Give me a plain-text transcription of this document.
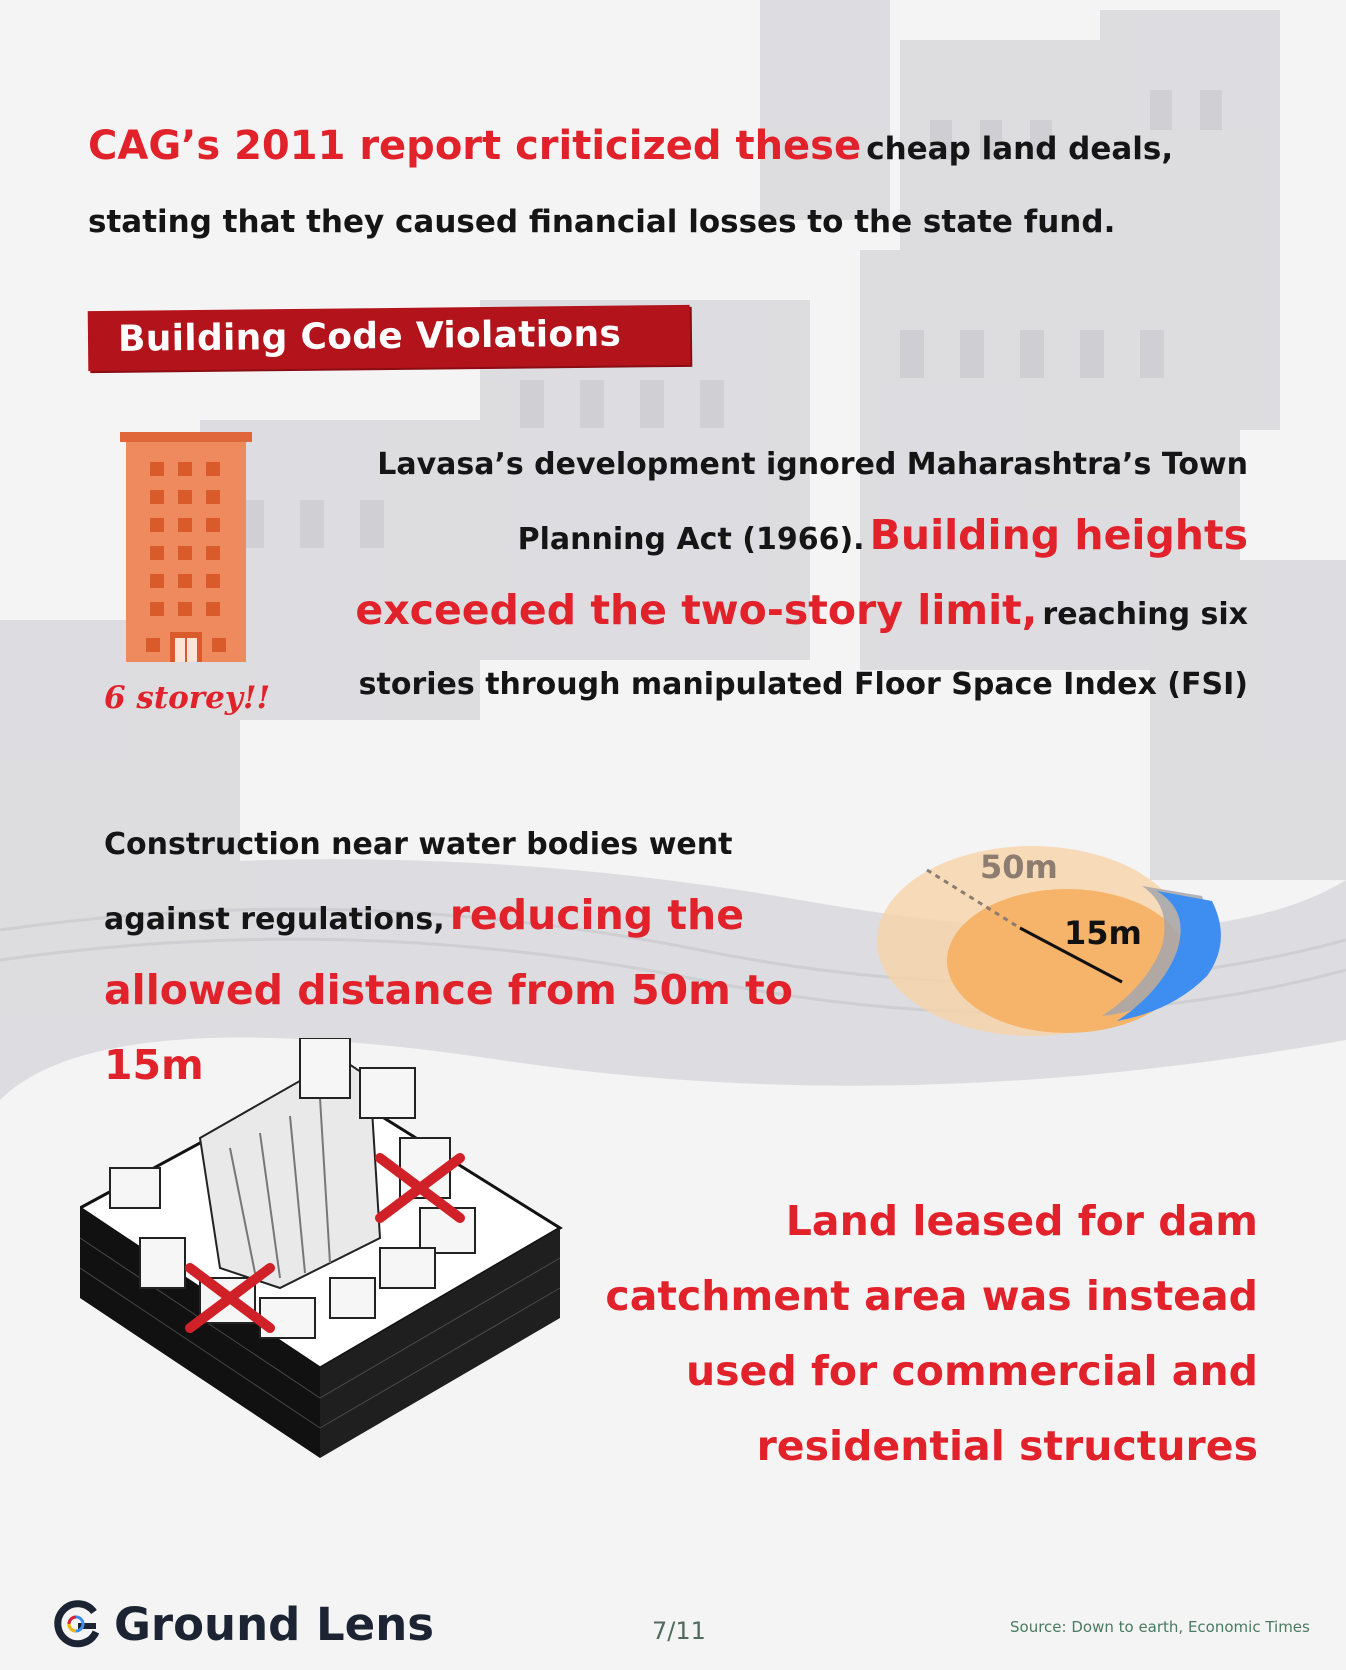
CAG’s 2011 report criticized these cheap land deals,
stating that they caused financial losses to the state fund.
Building Code Violations
6 storey!!
Lavasa’s development ignored Maharashtra’s Town Planning Act (1966). Building heights exceeded the two-story limit, reaching six stories through manipulated Floor Space Index (FSI)
Construction near water bodies went against regulations, reducing the allowed distance from 50m to 15m
50m
15m
Land leased for dam catchment area was instead used for commercial and residential structures
Ground Lens	7/11	Source: Down to earth, Economic Times
